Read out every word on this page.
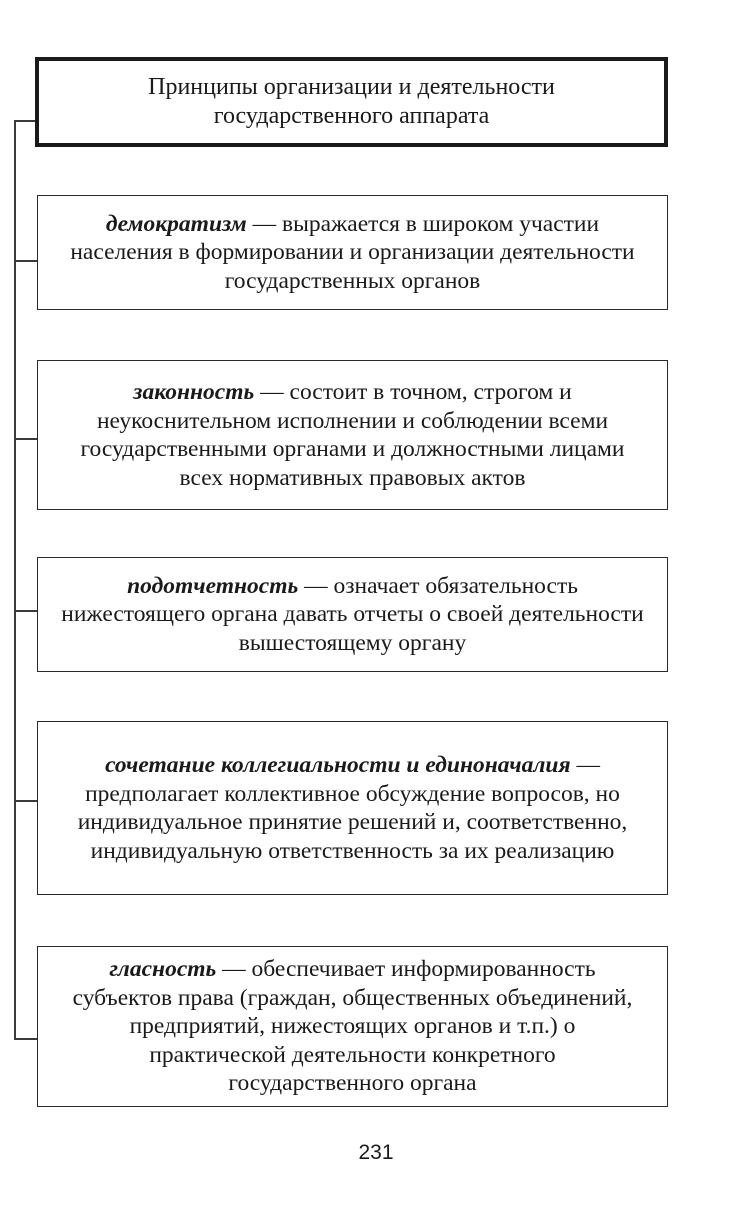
Принципы организации и деятельности государственного аппарата
демократизм — выражается в широком участии населения в формировании и организации деятельности государственных органов
законность — состоит в точном, строгом и неукоснительном исполнении и соблюдении всеми государственными органами и должностными лицами всех нормативных правовых актов
подотчетность — означает обязательность нижестоящего органа давать отчеты о своей деятельности вышестоящему органу
сочетание коллегиальности и единоначалия — предполагает коллективное обсуждение вопросов, но индивидуальное принятие решений и, соответственно, индивидуальную ответственность за их реализацию
гласность — обеспечивает информированность субъектов права (граждан, общественных объединений, предприятий, нижестоящих органов и т.п.) о практической деятельности конкретного государственного органа
231
